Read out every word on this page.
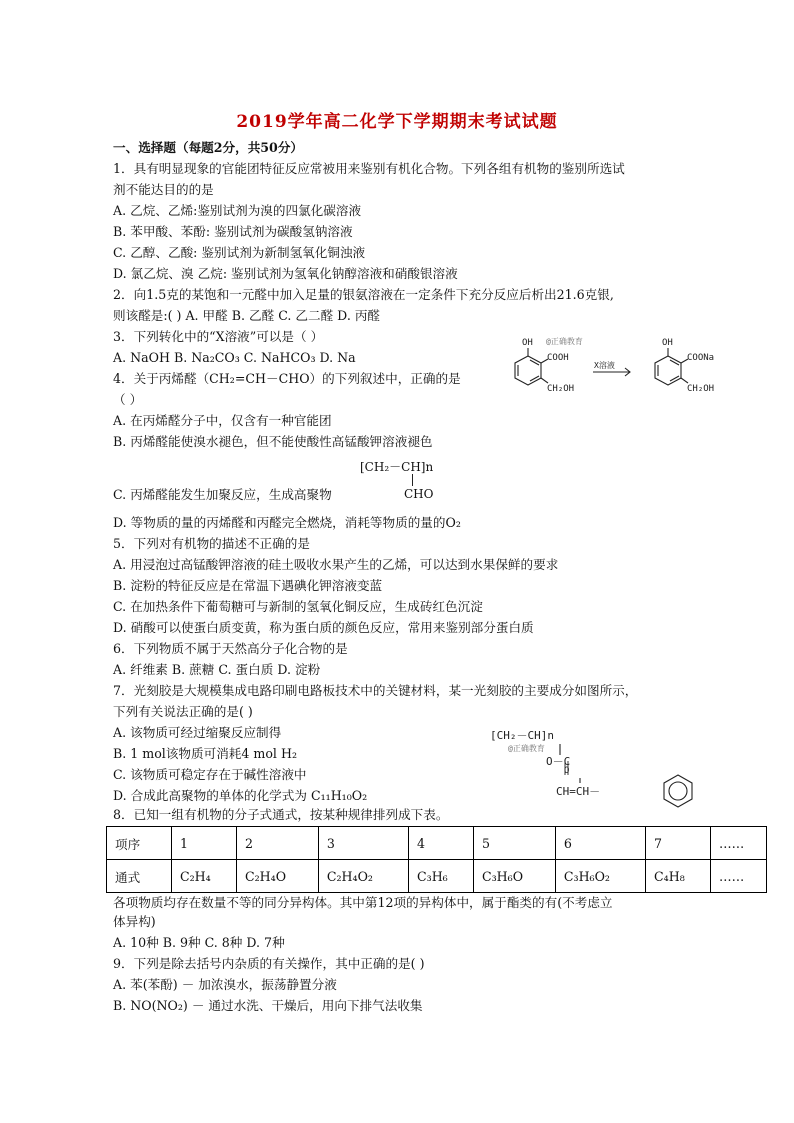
2019学年高二化学下学期期末考试试题
一、选择题（每题2分，共50分）
1．具有明显现象的官能团特征反应常被用来鉴别有机化合物。下列各组有机物的鉴别所选试
剂不能达目的的是
A. 乙烷、乙烯:鉴别试剂为溴的四氯化碳溶液
B. 苯甲酸、苯酚: 鉴别试剂为碳酸氢钠溶液
C. 乙醇、乙酸: 鉴别试剂为新制氢氧化铜浊液
D. 氯乙烷、溴 乙烷: 鉴别试剂为氢氧化钠醇溶液和硝酸银溶液
2．向1.5克的某饱和一元醛中加入足量的银氨溶液在一定条件下充分反应后析出21.6克银,
则该醛是:( ) A. 甲醛 B. 乙醛 C. 乙二醛 D. 丙醛
3．下列转化中的“X溶液”可以是（ ）
A. NaOH B. Na₂CO₃ C. NaHCO₃ D. Na
OH
COOH
CH₂OH
X溶液
OH
COONa
CH₂OH
@正确教育
4．关于丙烯醛（CH₂=CH－CHO）的下列叙述中，正确的是
（ ）
A. 在丙烯醛分子中，仅含有一种官能团
B. 丙烯醛能使溴水褪色，但不能使酸性高锰酸钾溶液褪色
[CH₂－CH]n
CHO
C. 丙烯醛能发生加聚反应，生成高聚物
D. 等物质的量的丙烯醛和丙醛完全燃烧，消耗等物质的量的O₂
5．下列对有机物的描述不正确的是
A. 用浸泡过高锰酸钾溶液的硅土吸收水果产生的乙烯，可以达到水果保鲜的要求
B. 淀粉的特征反应是在常温下遇碘化钾溶液变蓝
C. 在加热条件下葡萄糖可与新制的氢氧化铜反应，生成砖红色沉淀
D. 硝酸可以使蛋白质变黄，称为蛋白质的颜色反应，常用来鉴别部分蛋白质
6．下列物质不属于天然高分子化合物的是
A. 纤维素 B. 蔗糖 C. 蛋白质 D. 淀粉
7．光刻胶是大规模集成电路印刷电路板技术中的关键材料，某一光刻胶的主要成分如图所示，
下列有关说法正确的是( )
A. 该物质可经过缩聚反应制得
B. 1 mol该物质可消耗4 mol H₂
C. 该物质可稳定存在于碱性溶液中
D. 合成此高聚物的单体的化学式为 C₁₁H₁₀O₂
[CH₂－CH]n
@正确教育
O－C
O
CH=CH－
8．已知一组有机物的分子式通式，按某种规律排列成下表。
项序	1	2	3	4	5	6	7	……
通式	C₂H₄	C₂H₄O	C₂H₄O₂	C₃H₆	C₃H₆O	C₃H₆O₂	C₄H₈	……
各项物质均存在数量不等的同分异构体。其中第12项的异构体中，属于酯类的有(不考虑立
体异构)
A. 10种 B. 9种 C. 8种 D. 7种
9．下列是除去括号内杂质的有关操作，其中正确的是( )
A. 苯(苯酚) － 加浓溴水，振荡静置分液
B. NO(NO₂) － 通过水洗、干燥后，用向下排气法收集
